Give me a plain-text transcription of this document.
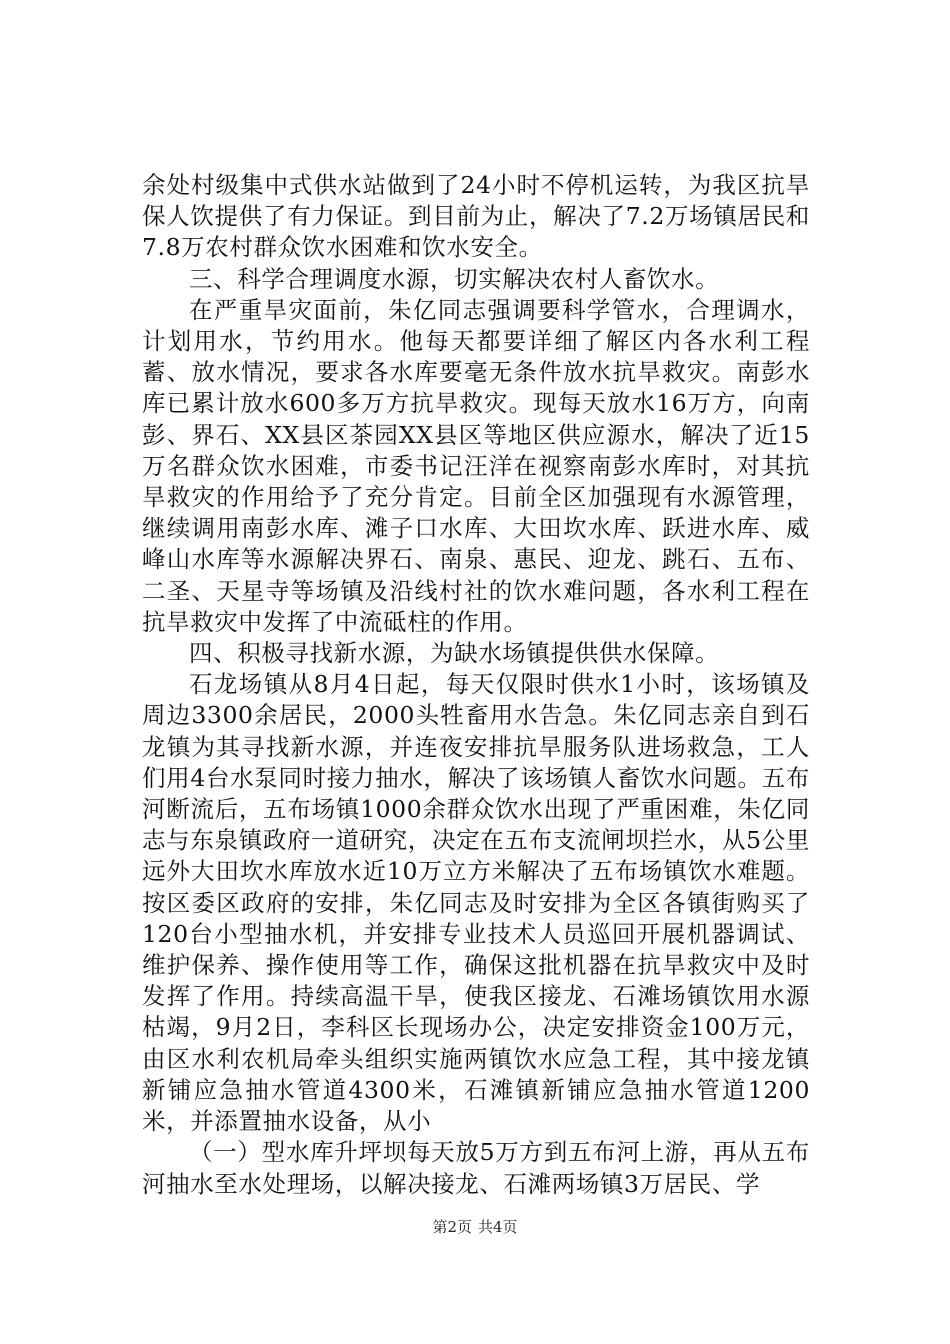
余处村级集中式供水站做到了24小时不停机运转，为我区抗旱保人饮提供了有力保证。到目前为止，解决了7.2万场镇居民和7.8万农村群众饮水困难和饮水安全。

三、科学合理调度水源，切实解决农村人畜饮水。

在严重旱灾面前，朱亿同志强调要科学管水，合理调水，计划用水，节约用水。他每天都要详细了解区内各水利工程蓄、放水情况，要求各水库要毫无条件放水抗旱救灾。南彭水库已累计放水600多万方抗旱救灾。现每天放水16万方，向南彭、界石、XX县区茶园XX县区等地区供应源水，解决了近15万名群众饮水困难，市委书记汪洋在视察南彭水库时，对其抗旱救灾的作用给予了充分肯定。目前全区加强现有水源管理，继续调用南彭水库、滩子口水库、大田坎水库、跃进水库、威峰山水库等水源解决界石、南泉、惠民、迎龙、跳石、五布、二圣、天星寺等场镇及沿线村社的饮水难问题，各水利工程在抗旱救灾中发挥了中流砥柱的作用。

四、积极寻找新水源，为缺水场镇提供供水保障。

石龙场镇从8月4日起，每天仅限时供水1小时，该场镇及周边3300余居民，2000头牲畜用水告急。朱亿同志亲自到石龙镇为其寻找新水源，并连夜安排抗旱服务队进场救急，工人们用4台水泵同时接力抽水，解决了该场镇人畜饮水问题。五布河断流后，五布场镇1000余群众饮水出现了严重困难，朱亿同志与东泉镇政府一道研究，决定在五布支流闸坝拦水，从5公里远外大田坎水库放水近10万立方米解决了五布场镇饮水难题。按区委区政府的安排，朱亿同志及时安排为全区各镇街购买了120台小型抽水机，并安排专业技术人员巡回开展机器调试、维护保养、操作使用等工作，确保这批机器在抗旱救灾中及时发挥了作用。持续高温干旱，使我区接龙、石滩场镇饮用水源枯竭，9月2日，李科区长现场办公，决定安排资金100万元，由区水利农机局牵头组织实施两镇饮水应急工程，其中接龙镇新铺应急抽水管道4300米，石滩镇新铺应急抽水管道1200米，并添置抽水设备，从小

（一）型水库升坪坝每天放5万方到五布河上游，再从五布河抽水至水处理场，以解决接龙、石滩两场镇3万居民、学

第2页 共4页
